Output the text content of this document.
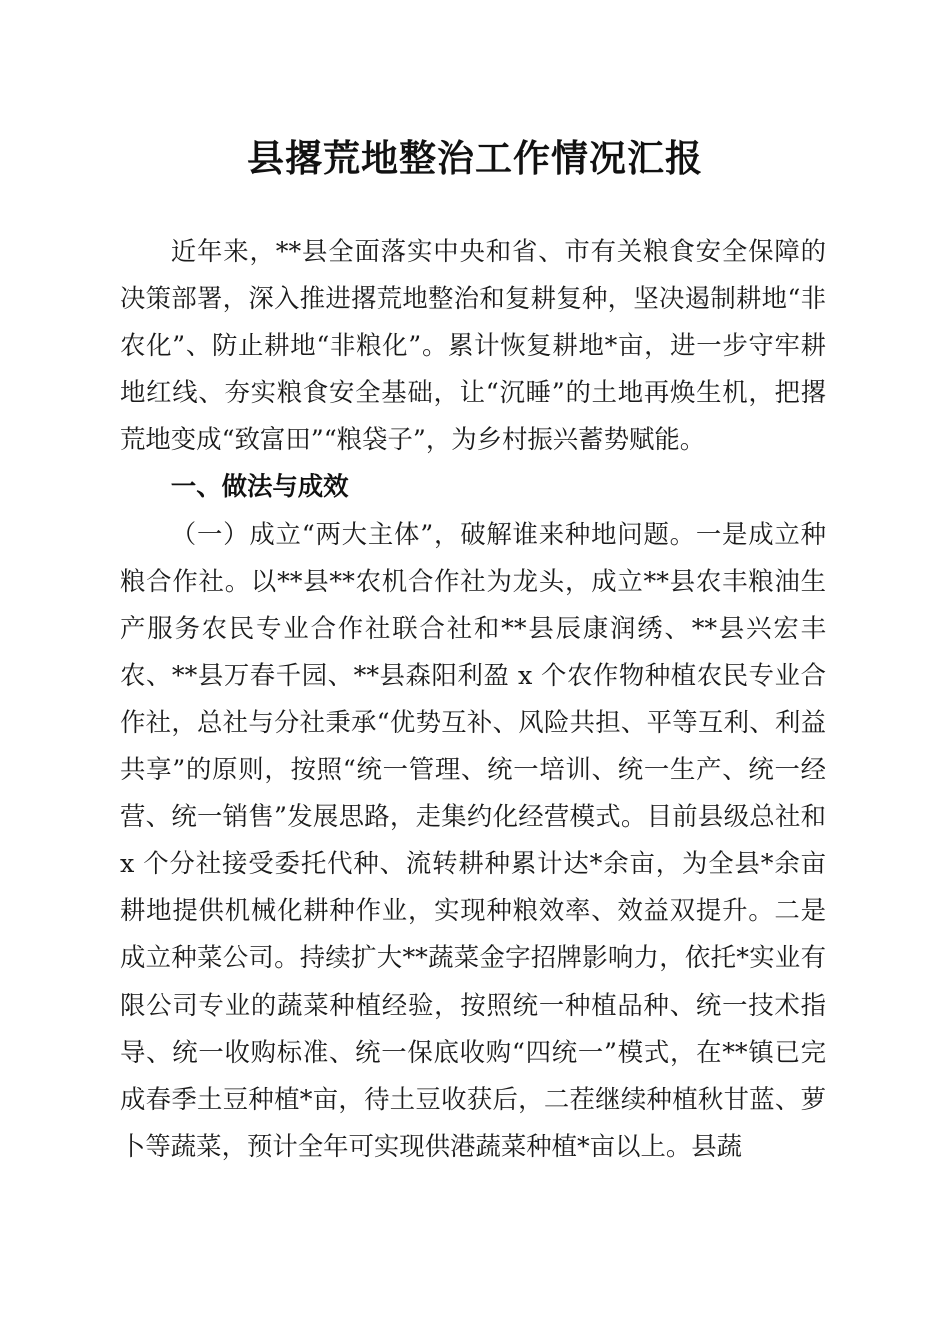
县撂荒地整治工作情况汇报

近年来，**县全面落实中央和省、市有关粮食安全保障的决策部署，深入推进撂荒地整治和复耕复种，坚决遏制耕地“非农化”、防止耕地“非粮化”。累计恢复耕地*亩，进一步守牢耕地红线、夯实粮食安全基础，让“沉睡”的土地再焕生机，把撂荒地变成“致富田”“粮袋子”，为乡村振兴蓄势赋能。

一、做法与成效

（一）成立“两大主体”，破解谁来种地问题。一是成立种粮合作社。以**县**农机合作社为龙头，成立**县农丰粮油生产服务农民专业合作社联合社和**县辰康润绣、**县兴宏丰农、**县万春千园、**县森阳利盈 x 个农作物种植农民专业合作社，总社与分社秉承“优势互补、风险共担、平等互利、利益共享”的原则，按照“统一管理、统一培训、统一生产、统一经营、统一销售”发展思路，走集约化经营模式。目前县级总社和 x 个分社接受委托代种、流转耕种累计达*余亩，为全县*余亩耕地提供机械化耕种作业，实现种粮效率、效益双提升。二是成立种菜公司。持续扩大**蔬菜金字招牌影响力，依托*实业有限公司专业的蔬菜种植经验，按照统一种植品种、统一技术指导、统一收购标准、统一保底收购“四统一”模式，在**镇已完成春季土豆种植*亩，待土豆收获后，二茬继续种植秋甘蓝、萝卜等蔬菜，预计全年可实现供港蔬菜种植*亩以上。县蔬
